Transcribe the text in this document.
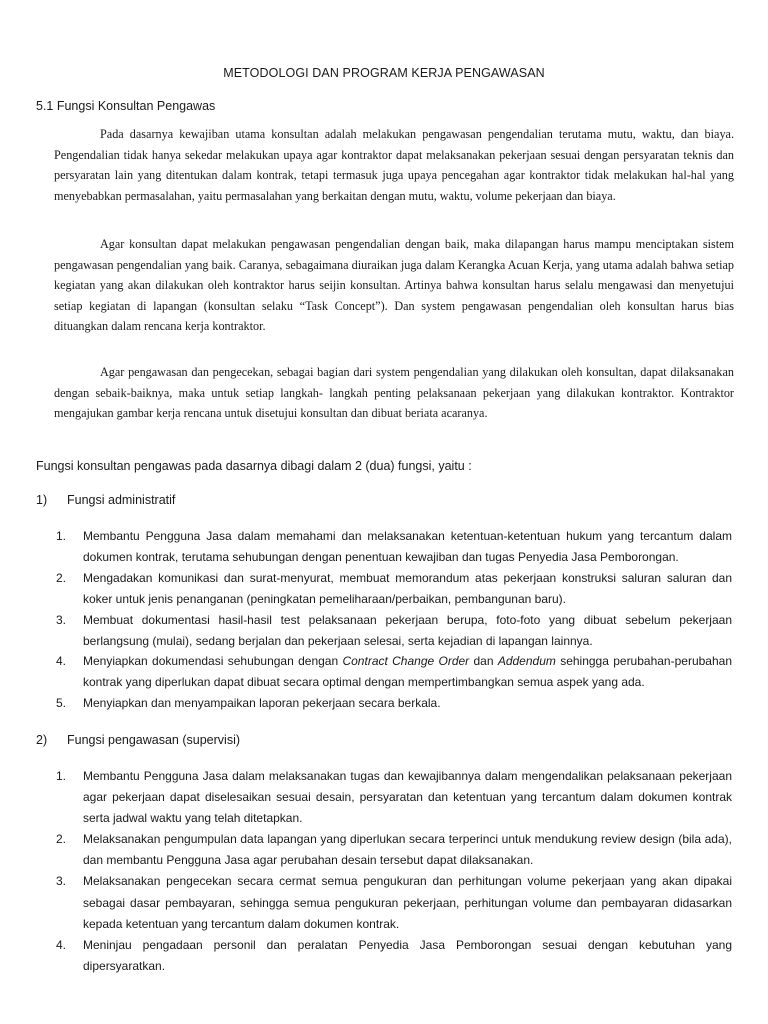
METODOLOGI DAN PROGRAM KERJA PENGAWASAN
5.1 Fungsi Konsultan Pengawas

Pada dasarnya kewajiban utama konsultan adalah melakukan pengawasan pengendalian terutama mutu, waktu, dan biaya. Pengendalian tidak hanya sekedar melakukan upaya agar kontraktor dapat melaksanakan pekerjaan sesuai dengan persyaratan teknis dan persyaratan lain yang ditentukan dalam kontrak, tetapi termasuk juga upaya pencegahan agar kontraktor tidak melakukan hal-hal yang menyebabkan permasalahan, yaitu permasalahan yang berkaitan dengan mutu, waktu, volume pekerjaan dan biaya.

Agar konsultan dapat melakukan pengawasan pengendalian dengan baik, maka dilapangan harus mampu menciptakan sistem pengawasan pengendalian yang baik. Caranya, sebagaimana diuraikan juga dalam Kerangka Acuan Kerja, yang utama adalah bahwa setiap kegiatan yang akan dilakukan oleh kontraktor harus seijin konsultan. Artinya bahwa konsultan harus selalu mengawasi dan menyetujui setiap kegiatan di lapangan (konsultan selaku “Task Concept”). Dan system pengawasan pengendalian oleh konsultan harus bias dituangkan dalam rencana kerja kontraktor.

Agar pengawasan dan pengecekan, sebagai bagian dari system pengendalian yang dilakukan oleh konsultan, dapat dilaksanakan dengan sebaik-baiknya, maka untuk setiap langkah- langkah penting pelaksanaan pekerjaan yang dilakukan kontraktor. Kontraktor mengajukan gambar kerja rencana untuk disetujui konsultan dan dibuat beriata acaranya.

Fungsi konsultan pengawas pada dasarnya dibagi dalam 2 (dua) fungsi, yaitu :
1) Fungsi administratif
1. Membantu Pengguna Jasa dalam memahami dan melaksanakan ketentuan-ketentuan hukum yang tercantum dalam dokumen kontrak, terutama sehubungan dengan penentuan kewajiban dan tugas Penyedia Jasa Pemborongan.
2. Mengadakan komunikasi dan surat-menyurat, membuat memorandum atas pekerjaan konstruksi saluran saluran dan koker untuk jenis penanganan (peningkatan pemeliharaan/perbaikan, pembangunan baru).
3. Membuat dokumentasi hasil-hasil test pelaksanaan pekerjaan berupa, foto-foto yang dibuat sebelum pekerjaan berlangsung (mulai), sedang berjalan dan pekerjaan selesai, serta kejadian di lapangan lainnya.
4. Menyiapkan dokumendasi sehubungan dengan Contract Change Order dan Addendum sehingga perubahan-perubahan kontrak yang diperlukan dapat dibuat secara optimal dengan mempertimbangkan semua aspek yang ada.
5. Menyiapkan dan menyampaikan laporan pekerjaan secara berkala.
2) Fungsi pengawasan (supervisi)
1. Membantu Pengguna Jasa dalam melaksanakan tugas dan kewajibannya dalam mengendalikan pelaksanaan pekerjaan agar pekerjaan dapat diselesaikan sesuai desain, persyaratan dan ketentuan yang tercantum dalam dokumen kontrak serta jadwal waktu yang telah ditetapkan.
2. Melaksanakan pengumpulan data lapangan yang diperlukan secara terperinci untuk mendukung review design (bila ada), dan membantu Pengguna Jasa agar perubahan desain tersebut dapat dilaksanakan.
3. Melaksanakan pengecekan secara cermat semua pengukuran dan perhitungan volume pekerjaan yang akan dipakai sebagai dasar pembayaran, sehingga semua pengukuran pekerjaan, perhitungan volume dan pembayaran didasarkan kepada ketentuan yang tercantum dalam dokumen kontrak.
4. Meninjau pengadaan personil dan peralatan Penyedia Jasa Pemborongan sesuai dengan kebutuhan yang dipersyaratkan.
